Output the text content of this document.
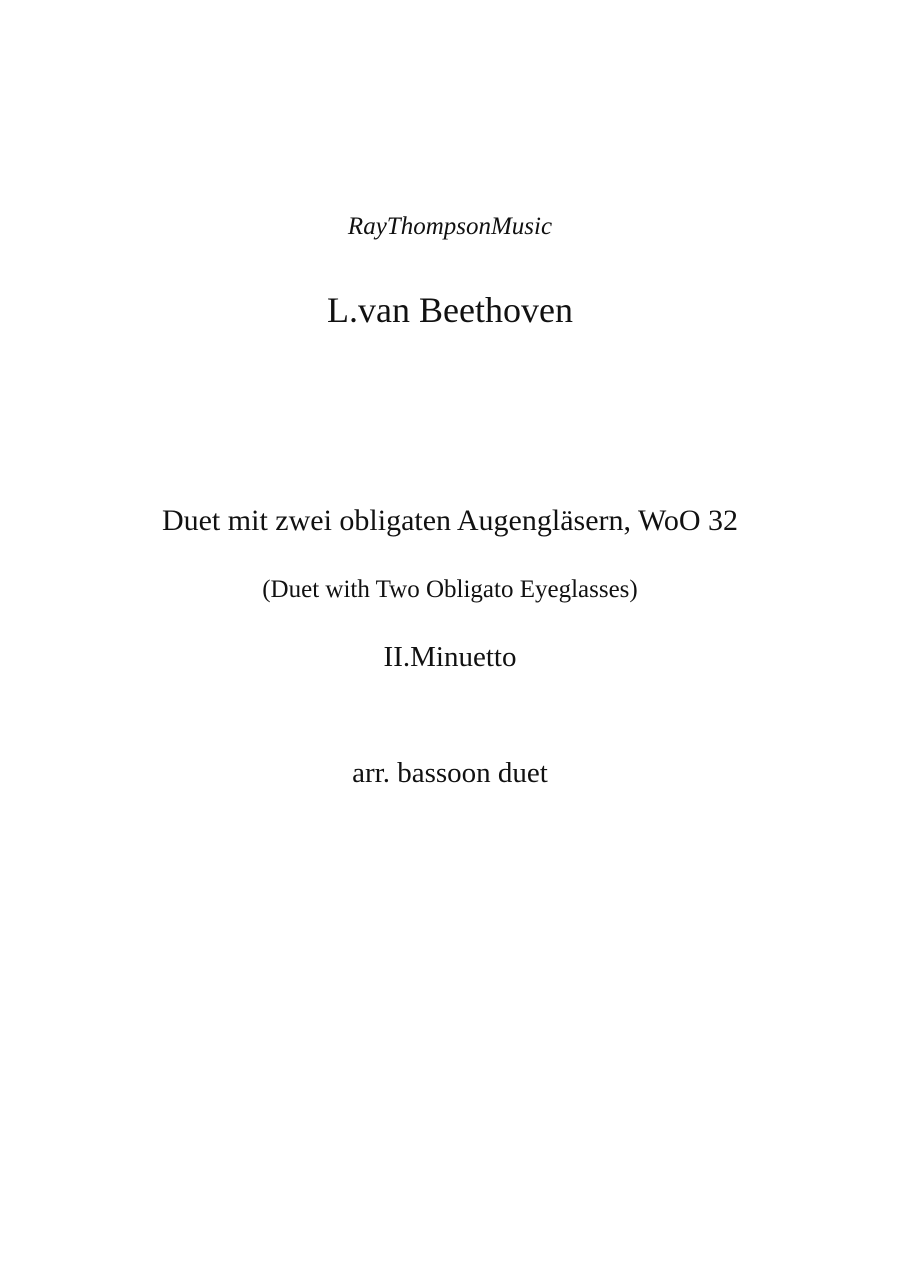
RayThompsonMusic
L.van Beethoven
Duet mit zwei obligaten Augengläsern, WoO 32
(Duet with Two Obligato Eyeglasses)
II.Minuetto
arr. bassoon duet
